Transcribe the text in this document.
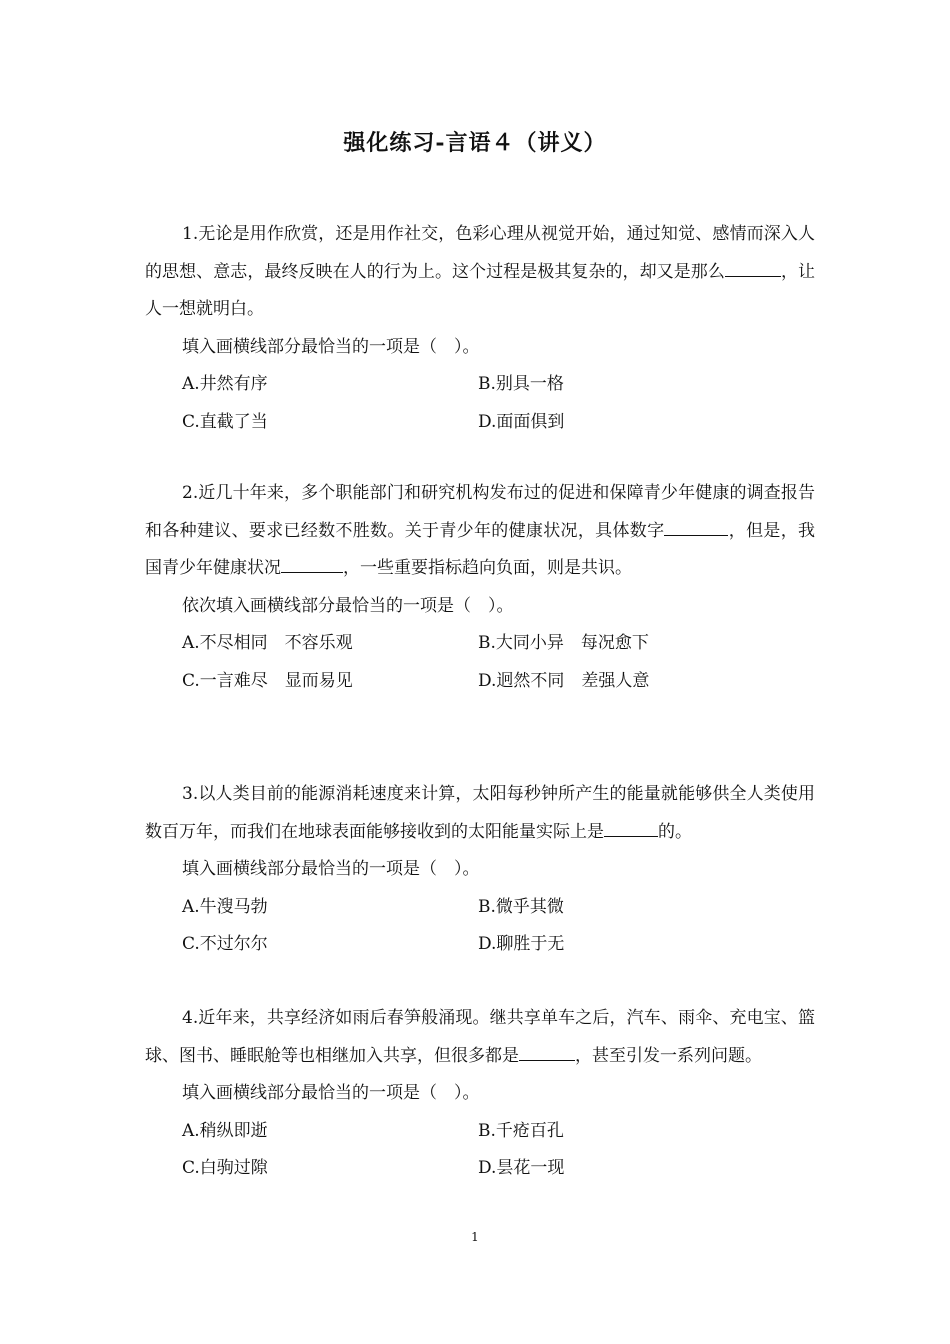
强化练习-言语４（讲义）

1.无论是用作欣赏，还是用作社交，色彩心理从视觉开始，通过知觉、感情而深入人的思想、意志，最终反映在人的行为上。这个过程是极其复杂的，却又是那么	，让人一想就明白。

填入画横线部分最恰当的一项是（　）。

A.井然有序	B.别具一格
C.直截了当	D.面面俱到

2.近几十年来，多个职能部门和研究机构发布过的促进和保障青少年健康的调查报告和各种建议、要求已经数不胜数。关于青少年的健康状况，具体数字	，但是，我国青少年健康状况	，一些重要指标趋向负面，则是共识。

依次填入画横线部分最恰当的一项是（　）。

A.不尽相同　不容乐观	B.大同小异　每况愈下
C.一言难尽　显而易见	D.迥然不同　差强人意

3.以人类目前的能源消耗速度来计算，太阳每秒钟所产生的能量就能够供全人类使用数百万年，而我们在地球表面能够接收到的太阳能量实际上是	的。

填入画横线部分最恰当的一项是（　）。

A.牛溲马勃	B.微乎其微
C.不过尔尔	D.聊胜于无

4.近年来，共享经济如雨后春笋般涌现。继共享单车之后，汽车、雨伞、充电宝、篮球、图书、睡眠舱等也相继加入共享，但很多都是	，甚至引发一系列问题。

填入画横线部分最恰当的一项是（　）。

A.稍纵即逝	B.千疮百孔
C.白驹过隙	D.昙花一现
1
